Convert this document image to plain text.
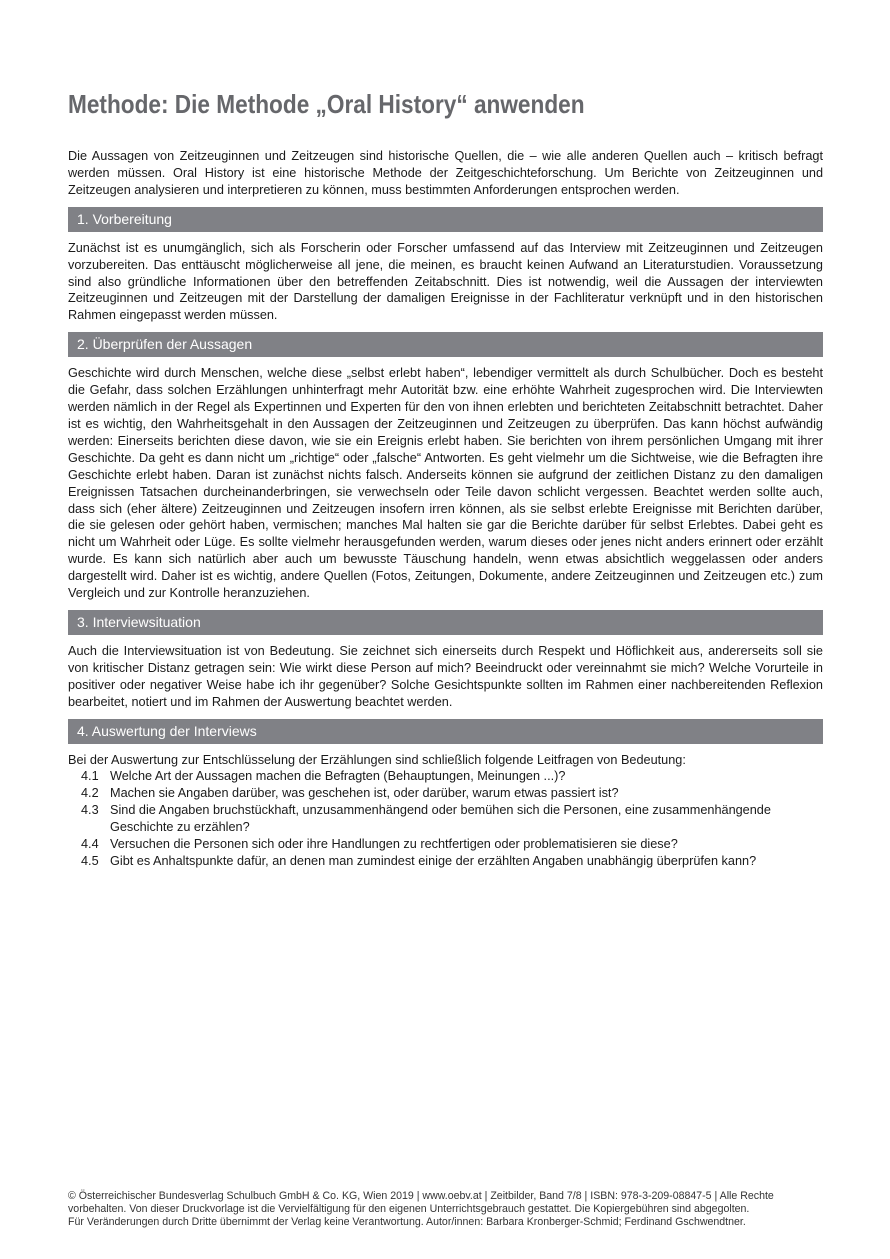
Methode: Die Methode „Oral History“ anwenden

Die Aussagen von Zeitzeuginnen und Zeitzeugen sind historische Quellen, die – wie alle anderen Quellen auch – kritisch befragt werden müssen. Oral History ist eine historische Methode der Zeitgeschichteforschung. Um Berichte von Zeitzeuginnen und Zeitzeugen analysieren und interpretieren zu können, muss bestimmten Anforderungen entsprochen werden.

1. Vorbereitung

Zunächst ist es unumgänglich, sich als Forscherin oder Forscher umfassend auf das Interview mit Zeitzeuginnen und Zeitzeugen vorzubereiten. Das enttäuscht möglicherweise all jene, die meinen, es braucht keinen Aufwand an Literaturstudien. Voraussetzung sind also gründliche Informationen über den betreffenden Zeitabschnitt. Dies ist notwendig, weil die Aussagen der interviewten Zeitzeuginnen und Zeitzeugen mit der Darstellung der damaligen Ereignisse in der Fachliteratur verknüpft und in den historischen Rahmen eingepasst werden müssen.

2. Überprüfen der Aussagen

Geschichte wird durch Menschen, welche diese „selbst erlebt haben“, lebendiger vermittelt als durch Schulbücher. Doch es besteht die Gefahr, dass solchen Erzählungen unhinterfragt mehr Autorität bzw. eine erhöhte Wahrheit zugesprochen wird. Die Interviewten werden nämlich in der Regel als Expertinnen und Experten für den von ihnen erlebten und berichteten Zeitabschnitt betrachtet. Daher ist es wichtig, den Wahrheitsgehalt in den Aussagen der Zeitzeuginnen und Zeitzeugen zu überprüfen. Das kann höchst aufwändig werden: Einerseits berichten diese davon, wie sie ein Ereignis erlebt haben. Sie berichten von ihrem persönlichen Umgang mit ihrer Geschichte. Da geht es dann nicht um „richtige“ oder „falsche“ Antworten. Es geht vielmehr um die Sichtweise, wie die Befragten ihre Geschichte erlebt haben. Daran ist zunächst nichts falsch. Anderseits können sie aufgrund der zeitlichen Distanz zu den damaligen Ereignissen Tatsachen durcheinanderbringen, sie verwechseln oder Teile davon schlicht vergessen. Beachtet werden sollte auch, dass sich (eher ältere) Zeitzeuginnen und Zeitzeugen insofern irren können, als sie selbst erlebte Ereignisse mit Berichten darüber, die sie gelesen oder gehört haben, vermischen; manches Mal halten sie gar die Berichte darüber für selbst Erlebtes. Dabei geht es nicht um Wahrheit oder Lüge. Es sollte vielmehr herausgefunden werden, warum dieses oder jenes nicht anders erinnert oder erzählt wurde. Es kann sich natürlich aber auch um bewusste Täuschung handeln, wenn etwas absichtlich weggelassen oder anders dargestellt wird. Daher ist es wichtig, andere Quellen (Fotos, Zeitungen, Dokumente, andere Zeitzeuginnen und Zeitzeugen etc.) zum Vergleich und zur Kontrolle heranzuziehen.

3. Interviewsituation

Auch die Interviewsituation ist von Bedeutung. Sie zeichnet sich einerseits durch Respekt und Höflichkeit aus, andererseits soll sie von kritischer Distanz getragen sein: Wie wirkt diese Person auf mich? Beeindruckt oder vereinnahmt sie mich? Welche Vorurteile in positiver oder negativer Weise habe ich ihr gegenüber? Solche Gesichtspunkte sollten im Rahmen einer nachbereitenden Reflexion bearbeitet, notiert und im Rahmen der Auswertung beachtet werden.

4. Auswertung der Interviews

Bei der Auswertung zur Entschlüsselung der Erzählungen sind schließlich folgende Leitfragen von Bedeutung:

4.1 Welche Art der Aussagen machen die Befragten (Behauptungen, Meinungen ...)?
4.2 Machen sie Angaben darüber, was geschehen ist, oder darüber, warum etwas passiert ist?
4.3 Sind die Angaben bruchstückhaft, unzusammenhängend oder bemühen sich die Personen, eine zusammenhängende Geschichte zu erzählen?
4.4 Versuchen die Personen sich oder ihre Handlungen zu rechtfertigen oder problematisieren sie diese?
4.5 Gibt es Anhaltspunkte dafür, an denen man zumindest einige der erzählten Angaben unabhängig überprüfen kann?
© Österreichischer Bundesverlag Schulbuch GmbH & Co. KG, Wien 2019 | www.oebv.at | Zeitbilder, Band 7/8 | ISBN: 978-3-209-08847-5 | Alle Rechte
vorbehalten. Von dieser Druckvorlage ist die Vervielfältigung für den eigenen Unterrichtsgebrauch gestattet. Die Kopiergebühren sind abgegolten.
Für Veränderungen durch Dritte übernimmt der Verlag keine Verantwortung. Autor/innen: Barbara Kronberger-Schmid; Ferdinand Gschwendtner.
